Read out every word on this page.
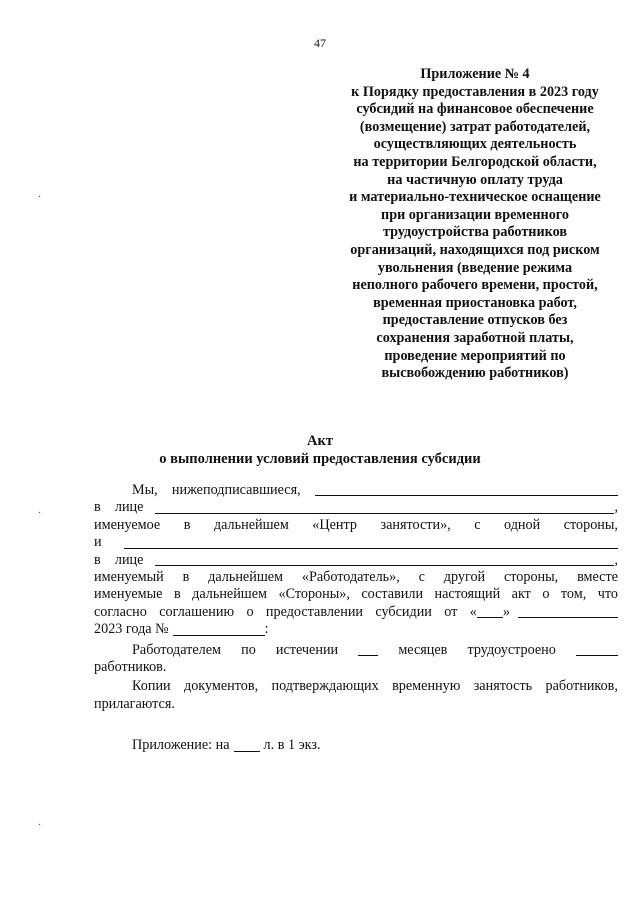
47
Приложение № 4
к Порядку предоставления в 2023 году
субсидий на финансовое обеспечение
(возмещение) затрат работодателей,
осуществляющих деятельность
на территории Белгородской области,
на частичную оплату труда
и материально-техническое оснащение
при организации временного
трудоустройства работников
организаций, находящихся под риском
увольнения (введение режима
неполного рабочего времени, простой,
временная приостановка работ,
предоставление отпусков без
сохранения заработной платы,
проведение мероприятий по
высвобождению работников)
Акт
о выполнении условий предоставления субсидии
Мы,    нижеподписавшиеся,
в    лице	,
именуемое в дальнейшем «Центр занятости», с одной стороны,
и
в    лице	,
именуемый в дальнейшем «Работодатель», с другой стороны, вместе
именуемые в дальнейшем «Стороны», составили настоящий акт о том, что
согласно соглашению о предоставлении субсидии от « »
2023 года №	:
Работодателем по истечении	месяцев трудоустроено
работников.
Копии документов, подтверждающих временную занятость работников,
прилагаются.
Приложение: на л. в 1 экз.
·
·
·
